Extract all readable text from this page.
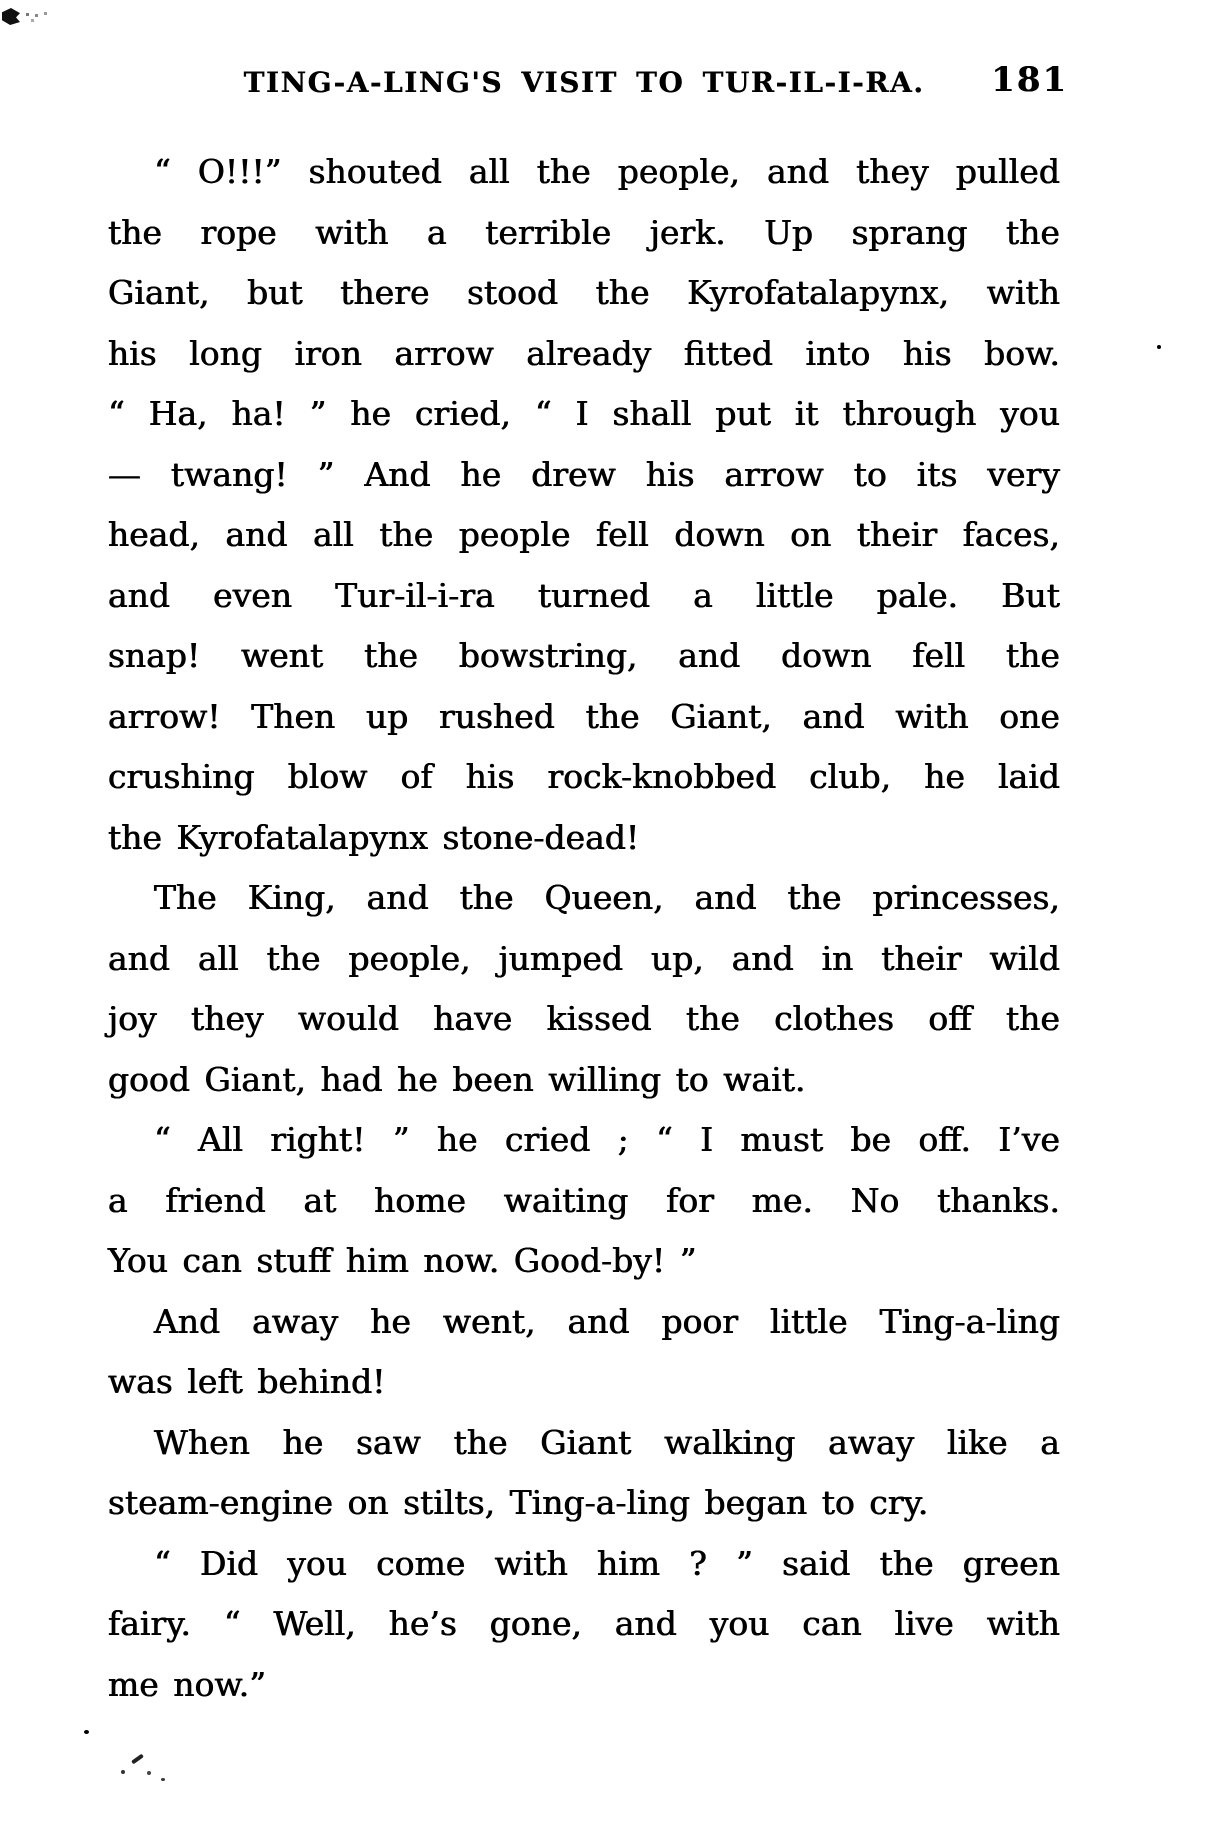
TING-A-LING'S VISIT TO TUR-IL-I-RA.	181

“ O!!!” shouted all the people, and they pulled
the rope with a terrible jerk. Up sprang the
Giant, but there stood the Kyrofatalapynx, with
his long iron arrow already fitted into his bow.
“ Ha, ha! ” he cried, “ I shall put it through you
— twang! ” And he drew his arrow to its very
head, and all the people fell down on their faces,
and even Tur-il-i-ra turned a little pale. But
snap! went the bowstring, and down fell the
arrow! Then up rushed the Giant, and with one
crushing blow of his rock-knobbed club, he laid
the Kyrofatalapynx stone-dead!

The King, and the Queen, and the princesses,
and all the people, jumped up, and in their wild
joy they would have kissed the clothes off the
good Giant, had he been willing to wait.

“ All right! ” he cried ; “ I must be off. I’ve
a friend at home waiting for me. No thanks.
You can stuff him now. Good-by! ”

And away he went, and poor little Ting-a-ling
was left behind!

When he saw the Giant walking away like a
steam-engine on stilts, Ting-a-ling began to cry.

“ Did you come with him ? ” said the green
fairy. “ Well, he’s gone, and you can live with
me now.”
